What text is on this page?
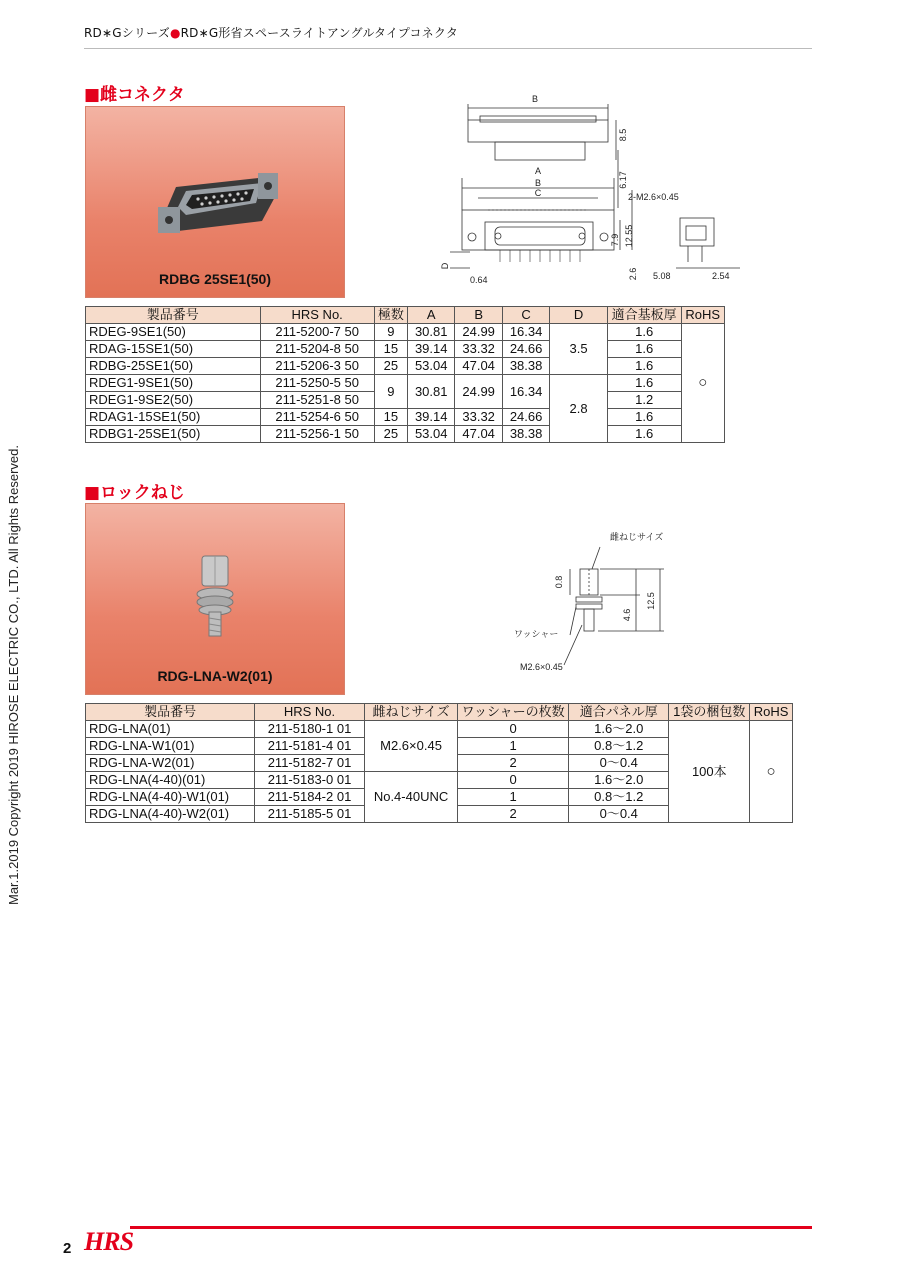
RD∗Gシリーズ●RD∗G形省スペースライトアングルタイプコネクタ
Mar.1.2019 Copyright 2019 HIROSE ELECTRIC CO., LTD. All Rights Reserved.
■雌コネクタ
RDBG 25SE1(50)
B
8.5
A
B
C
6.17
2-M2.6×0.45
7.9 12.55
D
0.64	2.6 5.08	2.54
製品番号	HRS No.	極数	A	B	C	D	適合基板厚	RoHS
RDEG-9SE1(50)	211-5200-7 50	9	30.81	24.99	16.34	3.5	1.6	○
RDAG-15SE1(50)	211-5204-8 50	15	39.14	33.32	24.66		1.6	
RDBG-25SE1(50)	211-5206-3 50	25	53.04	47.04	38.38		1.6	
RDEG1-9SE1(50)	211-5250-5 50	9	30.81	24.99	16.34	2.8	1.6	
RDEG1-9SE2(50)	211-5251-8 50						1.2	
RDAG1-15SE1(50)	211-5254-6 50	15	39.14	33.32	24.66		1.6	
RDBG1-25SE1(50)	211-5256-1 50	25	53.04	47.04	38.38		1.6	
■ロックねじ
RDG-LNA-W2(01)
雌ねじサイズ
0.8
4.6
12.5
ワッシャー
M2.6×0.45
製品番号	HRS No.	雌ねじサイズ	ワッシャーの枚数	適合パネル厚	1袋の梱包数	RoHS
RDG-LNA(01)	211-5180-1 01	M2.6×0.45	0	1.6〜2.0	100本	○
RDG-LNA-W1(01)	211-5181-4 01		1	0.8〜1.2		
RDG-LNA-W2(01)	211-5182-7 01		2	0〜0.4		
RDG-LNA(4-40)(01)	211-5183-0 01	No.4-40UNC	0	1.6〜2.0		
RDG-LNA(4-40)-W1(01)	211-5184-2 01		1	0.8〜1.2		
RDG-LNA(4-40)-W2(01)	211-5185-5 01		2	0〜0.4		
2 HRS
